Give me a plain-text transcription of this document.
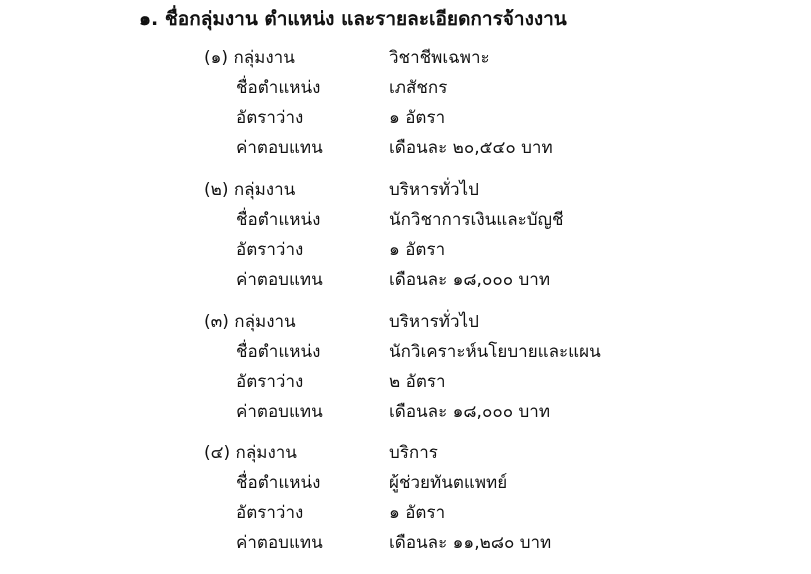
๑. ชื่อกลุ่มงาน ตำแหน่ง และรายละเอียดการจ้างงาน
(๑) กลุ่มงาน	วิชาชีพเฉพาะ
ชื่อตำแหน่ง	เภสัชกร
อัตราว่าง	๑ อัตรา
ค่าตอบแทน	เดือนละ ๒๐,๕๔๐ บาท
(๒) กลุ่มงาน	บริหารทั่วไป
ชื่อตำแหน่ง	นักวิชาการเงินและบัญชี
อัตราว่าง	๑ อัตรา
ค่าตอบแทน	เดือนละ ๑๘,๐๐๐ บาท
(๓) กลุ่มงาน	บริหารทั่วไป
ชื่อตำแหน่ง	นักวิเคราะห์นโยบายและแผน
อัตราว่าง	๒ อัตรา
ค่าตอบแทน	เดือนละ ๑๘,๐๐๐ บาท
(๔) กลุ่มงาน	บริการ
ชื่อตำแหน่ง	ผู้ช่วยทันตแพทย์
อัตราว่าง	๑ อัตรา
ค่าตอบแทน	เดือนละ ๑๑,๒๘๐ บาท
